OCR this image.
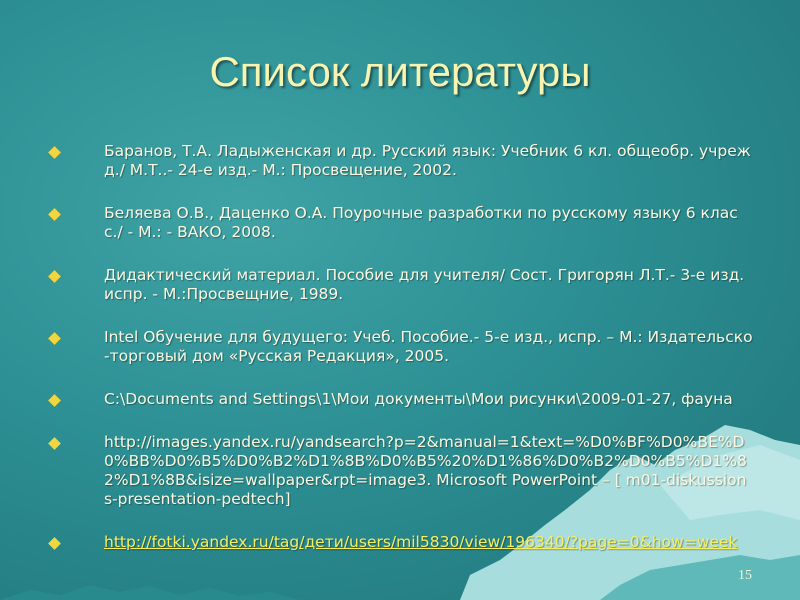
Список литературы
Баранов, Т.А. Ладыженская и др. Русский язык: Учебник 6 кл. общеобр. учрежд./ М.Т..- 24-е изд.- М.: Просвещение, 2002.
Беляева О.В., Даценко О.А. Поурочные разработки по русскому языку 6 класс./ - М.: - ВАКО, 2008.
Дидактический материал. Пособие для учителя/ Сост. Григорян Л.Т.- 3-е изд.испр. - М.:Просвещние, 1989.
Intel Обучение для будущего: Учеб. Пособие.- 5-е изд., испр. – М.: Издательско-торговый дом «Русская Редакция», 2005.
C:\Documents and Settings\1\Мои документы\Мои рисунки\2009-01-27, фауна
http://images.yandex.ru/yandsearch?p=2&manual=1&text=%D0%BF%D0%BE%D0%BB%D0%B5%D0%B2%D1%8B%D0%B5%20%D1%86%D0%B2%D0%B5%D1%82%D1%8B&isize=wallpaper&rpt=image3. Microsoft PowerPoint – [ m01-diskussions-presentation-pedtech]
http://fotki.yandex.ru/tag/дети/users/mil5830/view/196340/?page=0&how=week
15
